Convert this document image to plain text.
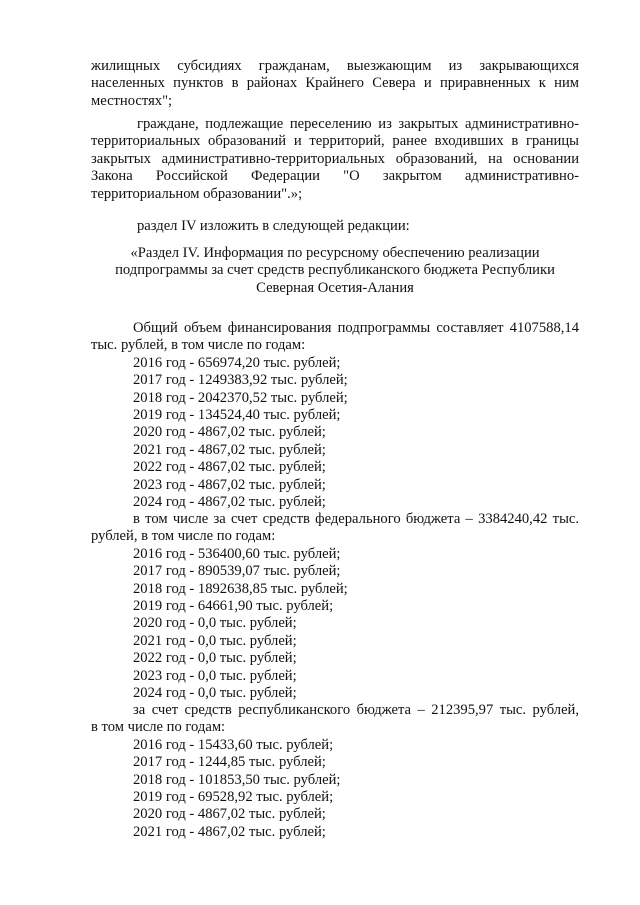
жилищных субсидиях гражданам, выезжающим из закрывающихся
населенных пунктов в районах Крайнего Севера и приравненных к ним
местностях";
граждане, подлежащие переселению из закрытых административно-
территориальных образований и территорий, ранее входивших в границы
закрытых административно-территориальных образований, на основании
Закона Российской Федерации "О закрытом административно-
территориальном образовании".»;
раздел IV изложить в следующей редакции:
«Раздел IV. Информация по ресурсному обеспечению реализации
подпрограммы за счет средств республиканского бюджета Республики
Северная Осетия-Алания
Общий объем финансирования подпрограммы составляет 4107588,14
тыс. рублей, в том числе по годам:
2016 год - 656974,20 тыс. рублей;
2017 год - 1249383,92 тыс. рублей;
2018 год - 2042370,52 тыс. рублей;
2019 год - 134524,40 тыс. рублей;
2020 год - 4867,02 тыс. рублей;
2021 год - 4867,02 тыс. рублей;
2022 год - 4867,02 тыс. рублей;
2023 год - 4867,02 тыс. рублей;
2024 год - 4867,02 тыс. рублей;
в том числе за счет средств федерального бюджета – 3384240,42 тыс.
рублей, в том числе по годам:
2016 год - 536400,60 тыс. рублей;
2017 год - 890539,07 тыс. рублей;
2018 год - 1892638,85 тыс. рублей;
2019 год - 64661,90 тыс. рублей;
2020 год - 0,0 тыс. рублей;
2021 год - 0,0 тыс. рублей;
2022 год - 0,0 тыс. рублей;
2023 год - 0,0 тыс. рублей;
2024 год - 0,0 тыс. рублей;
за счет средств республиканского бюджета – 212395,97 тыс. рублей,
в том числе по годам:
2016 год - 15433,60 тыс. рублей;
2017 год - 1244,85 тыс. рублей;
2018 год - 101853,50 тыс. рублей;
2019 год - 69528,92 тыс. рублей;
2020 год - 4867,02 тыс. рублей;
2021 год - 4867,02 тыс. рублей;
